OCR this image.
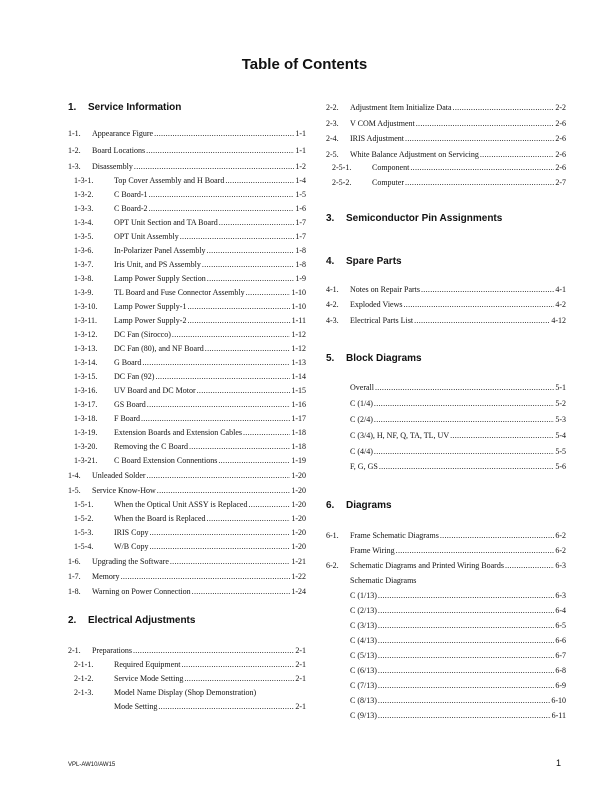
Table of Contents
1. Service Information
1-1.	Appearance Figure .....	1-1
1-2.	Board Locations .....	1-1
1-3.	Disassembly .....	1-2
1-3-1.	Top Cover Assembly and H Board .....	1-4
1-3-2.	C Board-1 .....	1-5
1-3-3.	C Board-2 .....	1-6
1-3-4.	OPT Unit Section and TA Board .....	1-7
1-3-5.	OPT Unit Assembly .....	1-7
1-3-6.	In-Polarizer Panel Assembly .....	1-8
1-3-7.	Iris Unit, and PS Assembly .....	1-8
1-3-8.	Lamp Power Supply Section .....	1-9
1-3-9.	TL Board and Fuse Connector Assembly .....	1-10
1-3-10.	Lamp Power Supply-1 .....	1-10
1-3-11.	Lamp Power Supply-2 .....	1-11
1-3-12.	DC Fan (Sirocco) .....	1-12
1-3-13.	DC Fan (80), and NF Board .....	1-12
1-3-14.	G Board .....	1-13
1-3-15.	DC Fan (92) .....	1-14
1-3-16.	UV Board and DC Motor .....	1-15
1-3-17.	GS Board .....	1-16
1-3-18.	F Board .....	1-17
1-3-19.	Extension Boards and Extension Cables .....	1-18
1-3-20.	Removing the C Board .....	1-18
1-3-21.	C Board Extension Connentions .....	1-19
1-4.	Unleaded Solder .....	1-20
1-5.	Service Know-How .....	1-20
1-5-1.	When the Optical Unit ASSY is Replaced .....	1-20
1-5-2.	When the Board is Replaced .....	1-20
1-5-3.	IRIS Copy .....	1-20
1-5-4.	W/B Copy .....	1-20
1-6.	Upgrading the Software .....	1-21
1-7.	Memory .....	1-22
1-8.	Warning on Power Connection .....	1-24
2. Electrical Adjustments
2-1.	Preparations .....	2-1
2-1-1.	Required Equipment .....	2-1
2-1-2.	Service Mode Setting .....	2-1
2-1-3.	Model Name Display (Shop Demonstration)
Mode Setting .....	2-1
2-2.	Adjustment Item Initialize Data .....	2-2
2-3.	V COM Adjustment .....	2-6
2-4.	IRIS Adjustment .....	2-6
2-5.	White Balance Adjustment on Servicing .....	2-6
2-5-1.	Component .....	2-6
2-5-2.	Computer .....	2-7
3. Semiconductor Pin Assignments
4. Spare Parts
4-1.	Notes on Repair Parts .....	4-1
4-2.	Exploded Views .....	4-2
4-3.	Electrical Parts List .....	4-12
5. Block Diagrams
Overall .....	5-1
C (1/4) .....	5-2
C (2/4) .....	5-3
C (3/4), H, NF, Q, TA, TL, UV .....	5-4
C (4/4) .....	5-5
F, G, GS .....	5-6
6. Diagrams
6-1.	Frame Schematic Diagrams .....	6-2
Frame Wiring .....	6-2
6-2.	Schematic Diagrams and Printed Wiring Boards .....	6-3
Schematic Diagrams
C (1/13) .....	6-3
C (2/13) .....	6-4
C (3/13) .....	6-5
C (4/13) .....	6-6
C (5/13) .....	6-7
C (6/13) .....	6-8
C (7/13) .....	6-9
C (8/13) .....	6-10
C (9/13) .....	6-11
VPL-AW10/AW15	1
